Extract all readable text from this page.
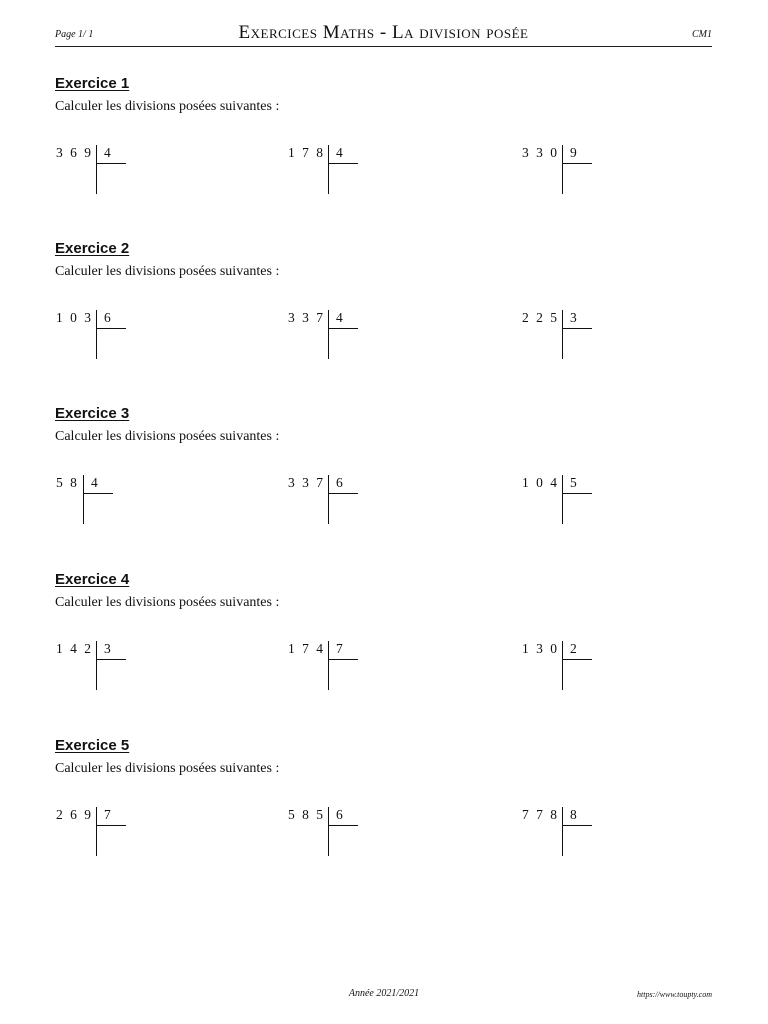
Page 1/ 1	Exercices Maths - La division posée	CM1
Exercice 1
Calculer les divisions posées suivantes :
3 6 9 4	1 7 8 4	3 3 0 9
Exercice 2
Calculer les divisions posées suivantes :
1 0 3 6	3 3 7 4	2 2 5 3
Exercice 3
Calculer les divisions posées suivantes :
5 8 4	3 3 7 6	1 0 4 5
Exercice 4
Calculer les divisions posées suivantes :
1 4 2 3	1 7 4 7	1 3 0 2
Exercice 5
Calculer les divisions posées suivantes :
2 6 9 7	5 8 5 6	7 7 8 8
Année 2021/2021	https://www.toupty.com
